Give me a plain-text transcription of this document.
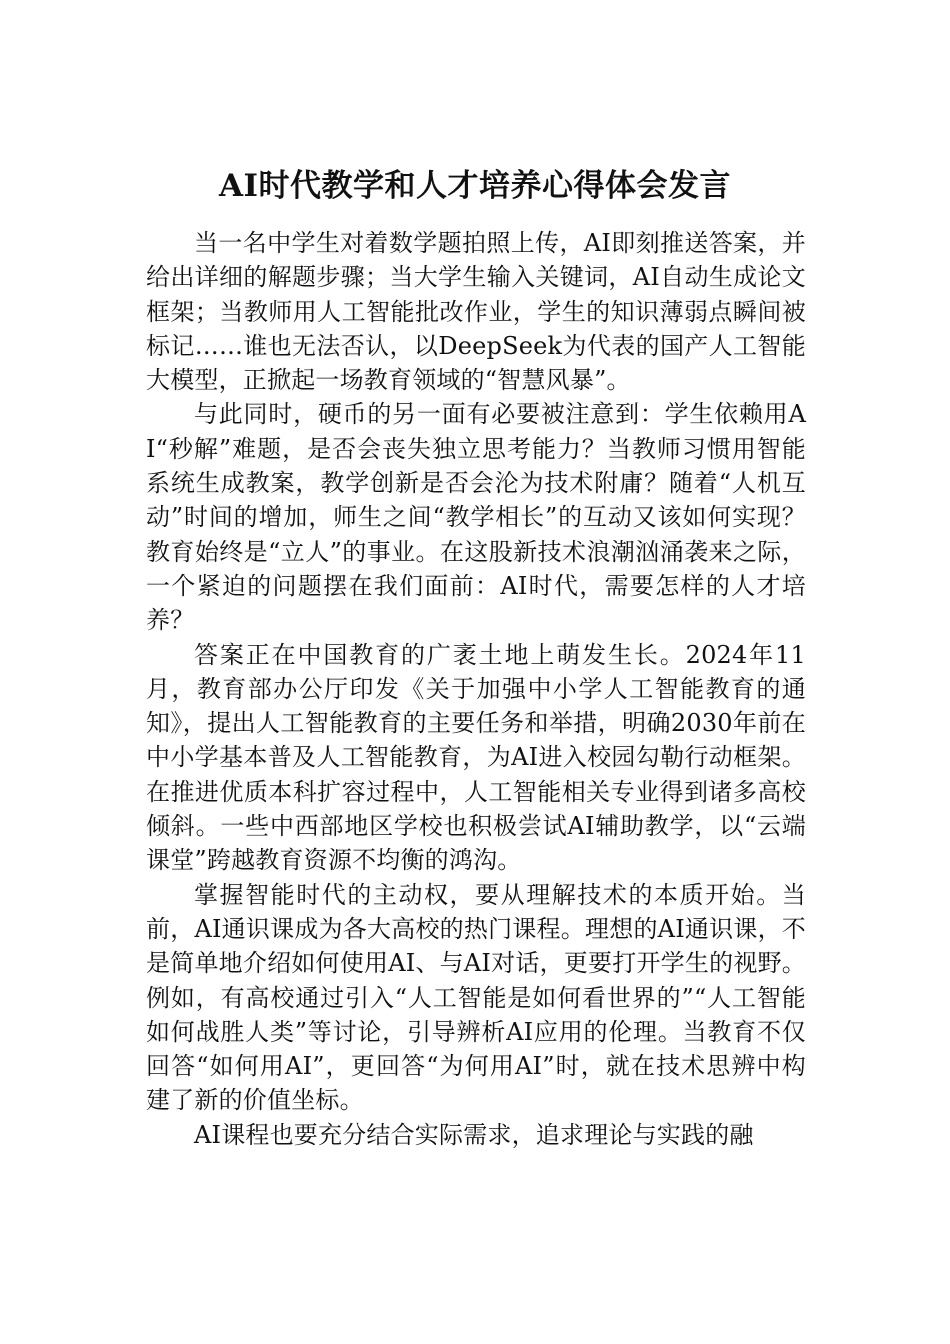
AI时代教学和人才培养心得体会发言

当一名中学生对着数学题拍照上传，AI即刻推送答案，并给出详细的解题步骤；当大学生输入关键词，AI自动生成论文框架；当教师用人工智能批改作业，学生的知识薄弱点瞬间被标记……谁也无法否认，以DeepSeek为代表的国产人工智能大模型，正掀起一场教育领域的“智慧风暴”。

与此同时，硬币的另一面有必要被注意到：学生依赖用AI“秒解”难题，是否会丧失独立思考能力？当教师习惯用智能系统生成教案，教学创新是否会沦为技术附庸？随着“人机互动”时间的增加，师生之间“教学相长”的互动又该如何实现？教育始终是“立人”的事业。在这股新技术浪潮汹涌袭来之际，一个紧迫的问题摆在我们面前：AI时代，需要怎样的人才培养？

答案正在中国教育的广袤土地上萌发生长。2024年11月，教育部办公厅印发《关于加强中小学人工智能教育的通知》，提出人工智能教育的主要任务和举措，明确2030年前在中小学基本普及人工智能教育，为AI进入校园勾勒行动框架。在推进优质本科扩容过程中，人工智能相关专业得到诸多高校倾斜。一些中西部地区学校也积极尝试AI辅助教学，以“云端课堂”跨越教育资源不均衡的鸿沟。

掌握智能时代的主动权，要从理解技术的本质开始。当前，AI通识课成为各大高校的热门课程。理想的AI通识课，不是简单地介绍如何使用AI、与AI对话，更要打开学生的视野。例如，有高校通过引入“人工智能是如何看世界的”“人工智能如何战胜人类”等讨论，引导辨析AI应用的伦理。当教育不仅回答“如何用AI”，更回答“为何用AI”时，就在技术思辨中构建了新的价值坐标。

AI课程也要充分结合实际需求，追求理论与实践的融
